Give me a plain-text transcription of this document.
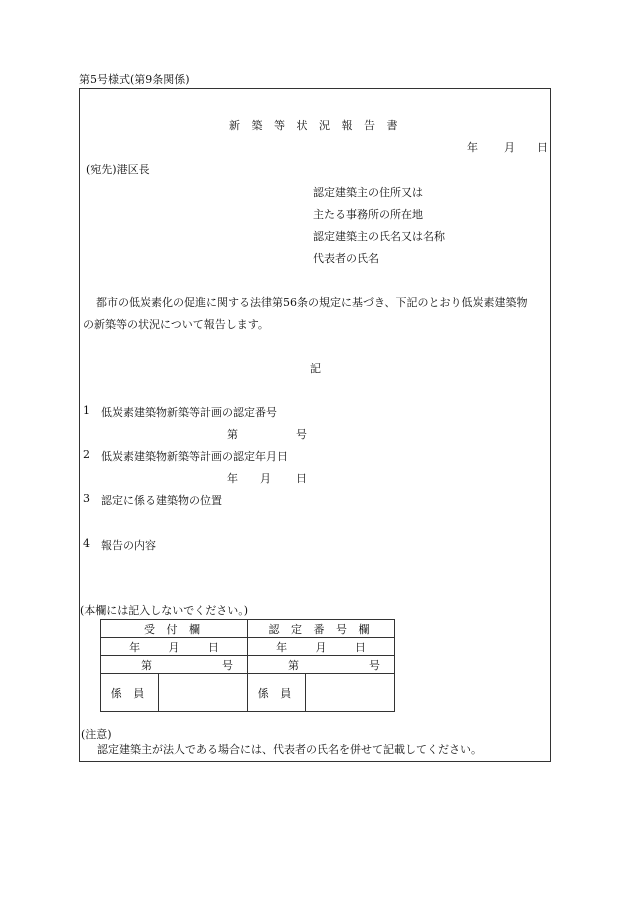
第5号様式(第9条関係)
新 築 等 状 況 報 告 書
年 月 日
(宛先)港区長
認定建築主の住所又は
主たる事務所の所在地
認定建築主の氏名又は名称
代表者の氏名
都市の低炭素化の促進に関する法律第56条の規定に基づき、下記のとおり低炭素建築物
の新築等の状況について報告します。
記
1 低炭素建築物新築等計画の認定番号
第	号
2 低炭素建築物新築等計画の認定年月日
年 月 日
3 認定に係る建築物の位置
4 報告の内容
(本欄には記入しないでください。)
受 付 欄		認 定 番 号 欄	

年 月 日		年 月 日	

第 号		第 号	

係 員		係 員	
(注意)
認定建築主が法人である場合には、代表者の氏名を併せて記載してください。
